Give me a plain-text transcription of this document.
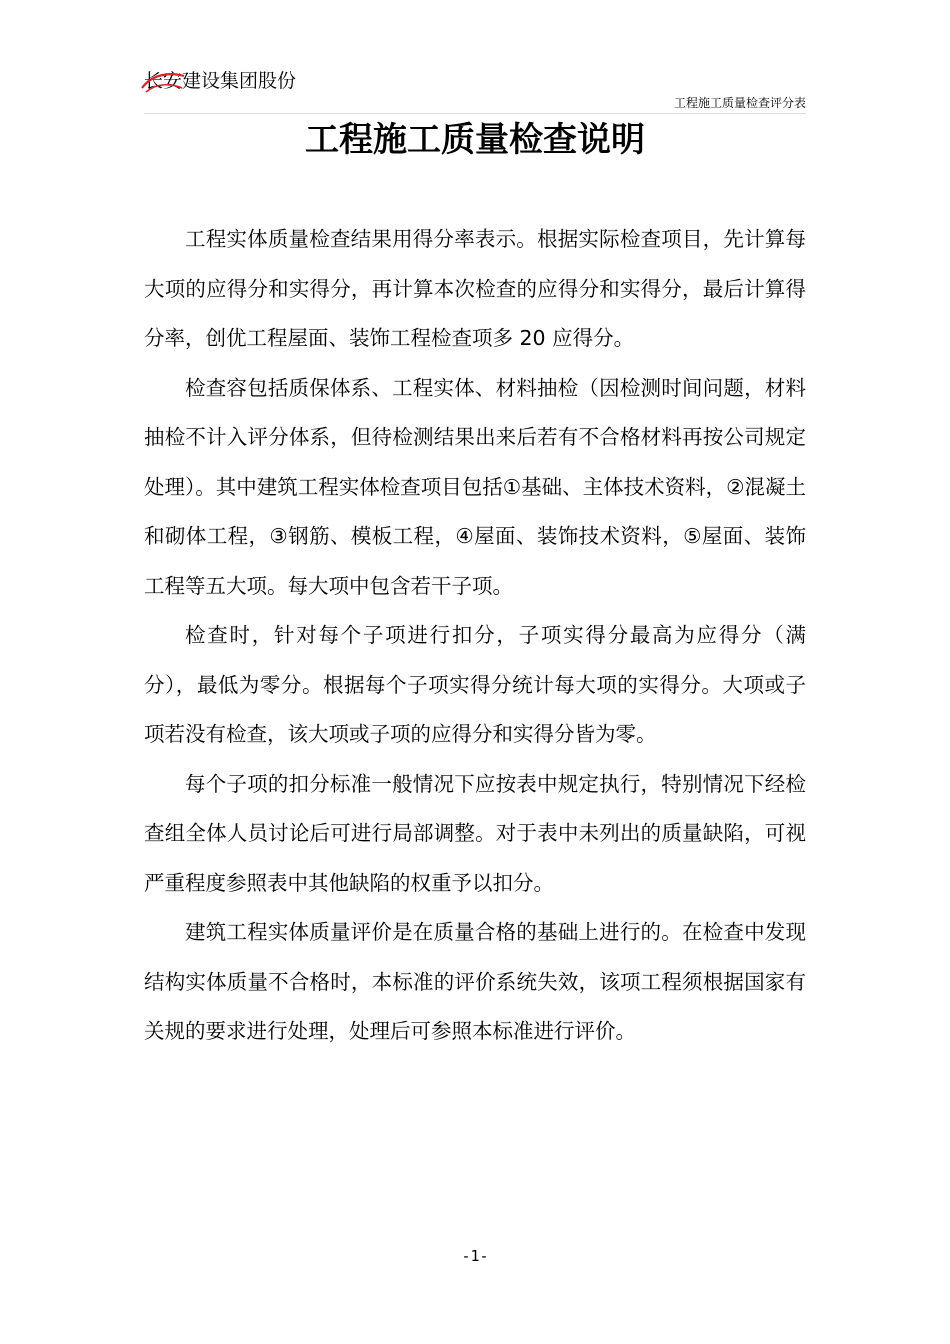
长安建设集团股份
工程施工质量检查评分表
工程施工质量检查说明

工程实体质量检查结果用得分率表示。根据实际检查项目，先计算每大项的应得分和实得分，再计算本次检查的应得分和实得分，最后计算得分率，创优工程屋面、装饰工程检查项多 20 应得分。

检查容包括质保体系、工程实体、材料抽检（因检测时间问题，材料抽检不计入评分体系，但待检测结果出来后若有不合格材料再按公司规定处理）。其中建筑工程实体检查项目包括①基础、主体技术资料，②混凝土和砌体工程，③钢筋、模板工程，④屋面、装饰技术资料，⑤屋面、装饰工程等五大项。每大项中包含若干子项。

检查时，针对每个子项进行扣分，子项实得分最高为应得分（满分），最低为零分。根据每个子项实得分统计每大项的实得分。大项或子项若没有检查，该大项或子项的应得分和实得分皆为零。

每个子项的扣分标准一般情况下应按表中规定执行，特别情况下经检查组全体人员讨论后可进行局部调整。对于表中未列出的质量缺陷，可视严重程度参照表中其他缺陷的权重予以扣分。

建筑工程实体质量评价是在质量合格的基础上进行的。在检查中发现结构实体质量不合格时，本标准的评价系统失效，该项工程须根据国家有关规的要求进行处理，处理后可参照本标准进行评价。

-1-
